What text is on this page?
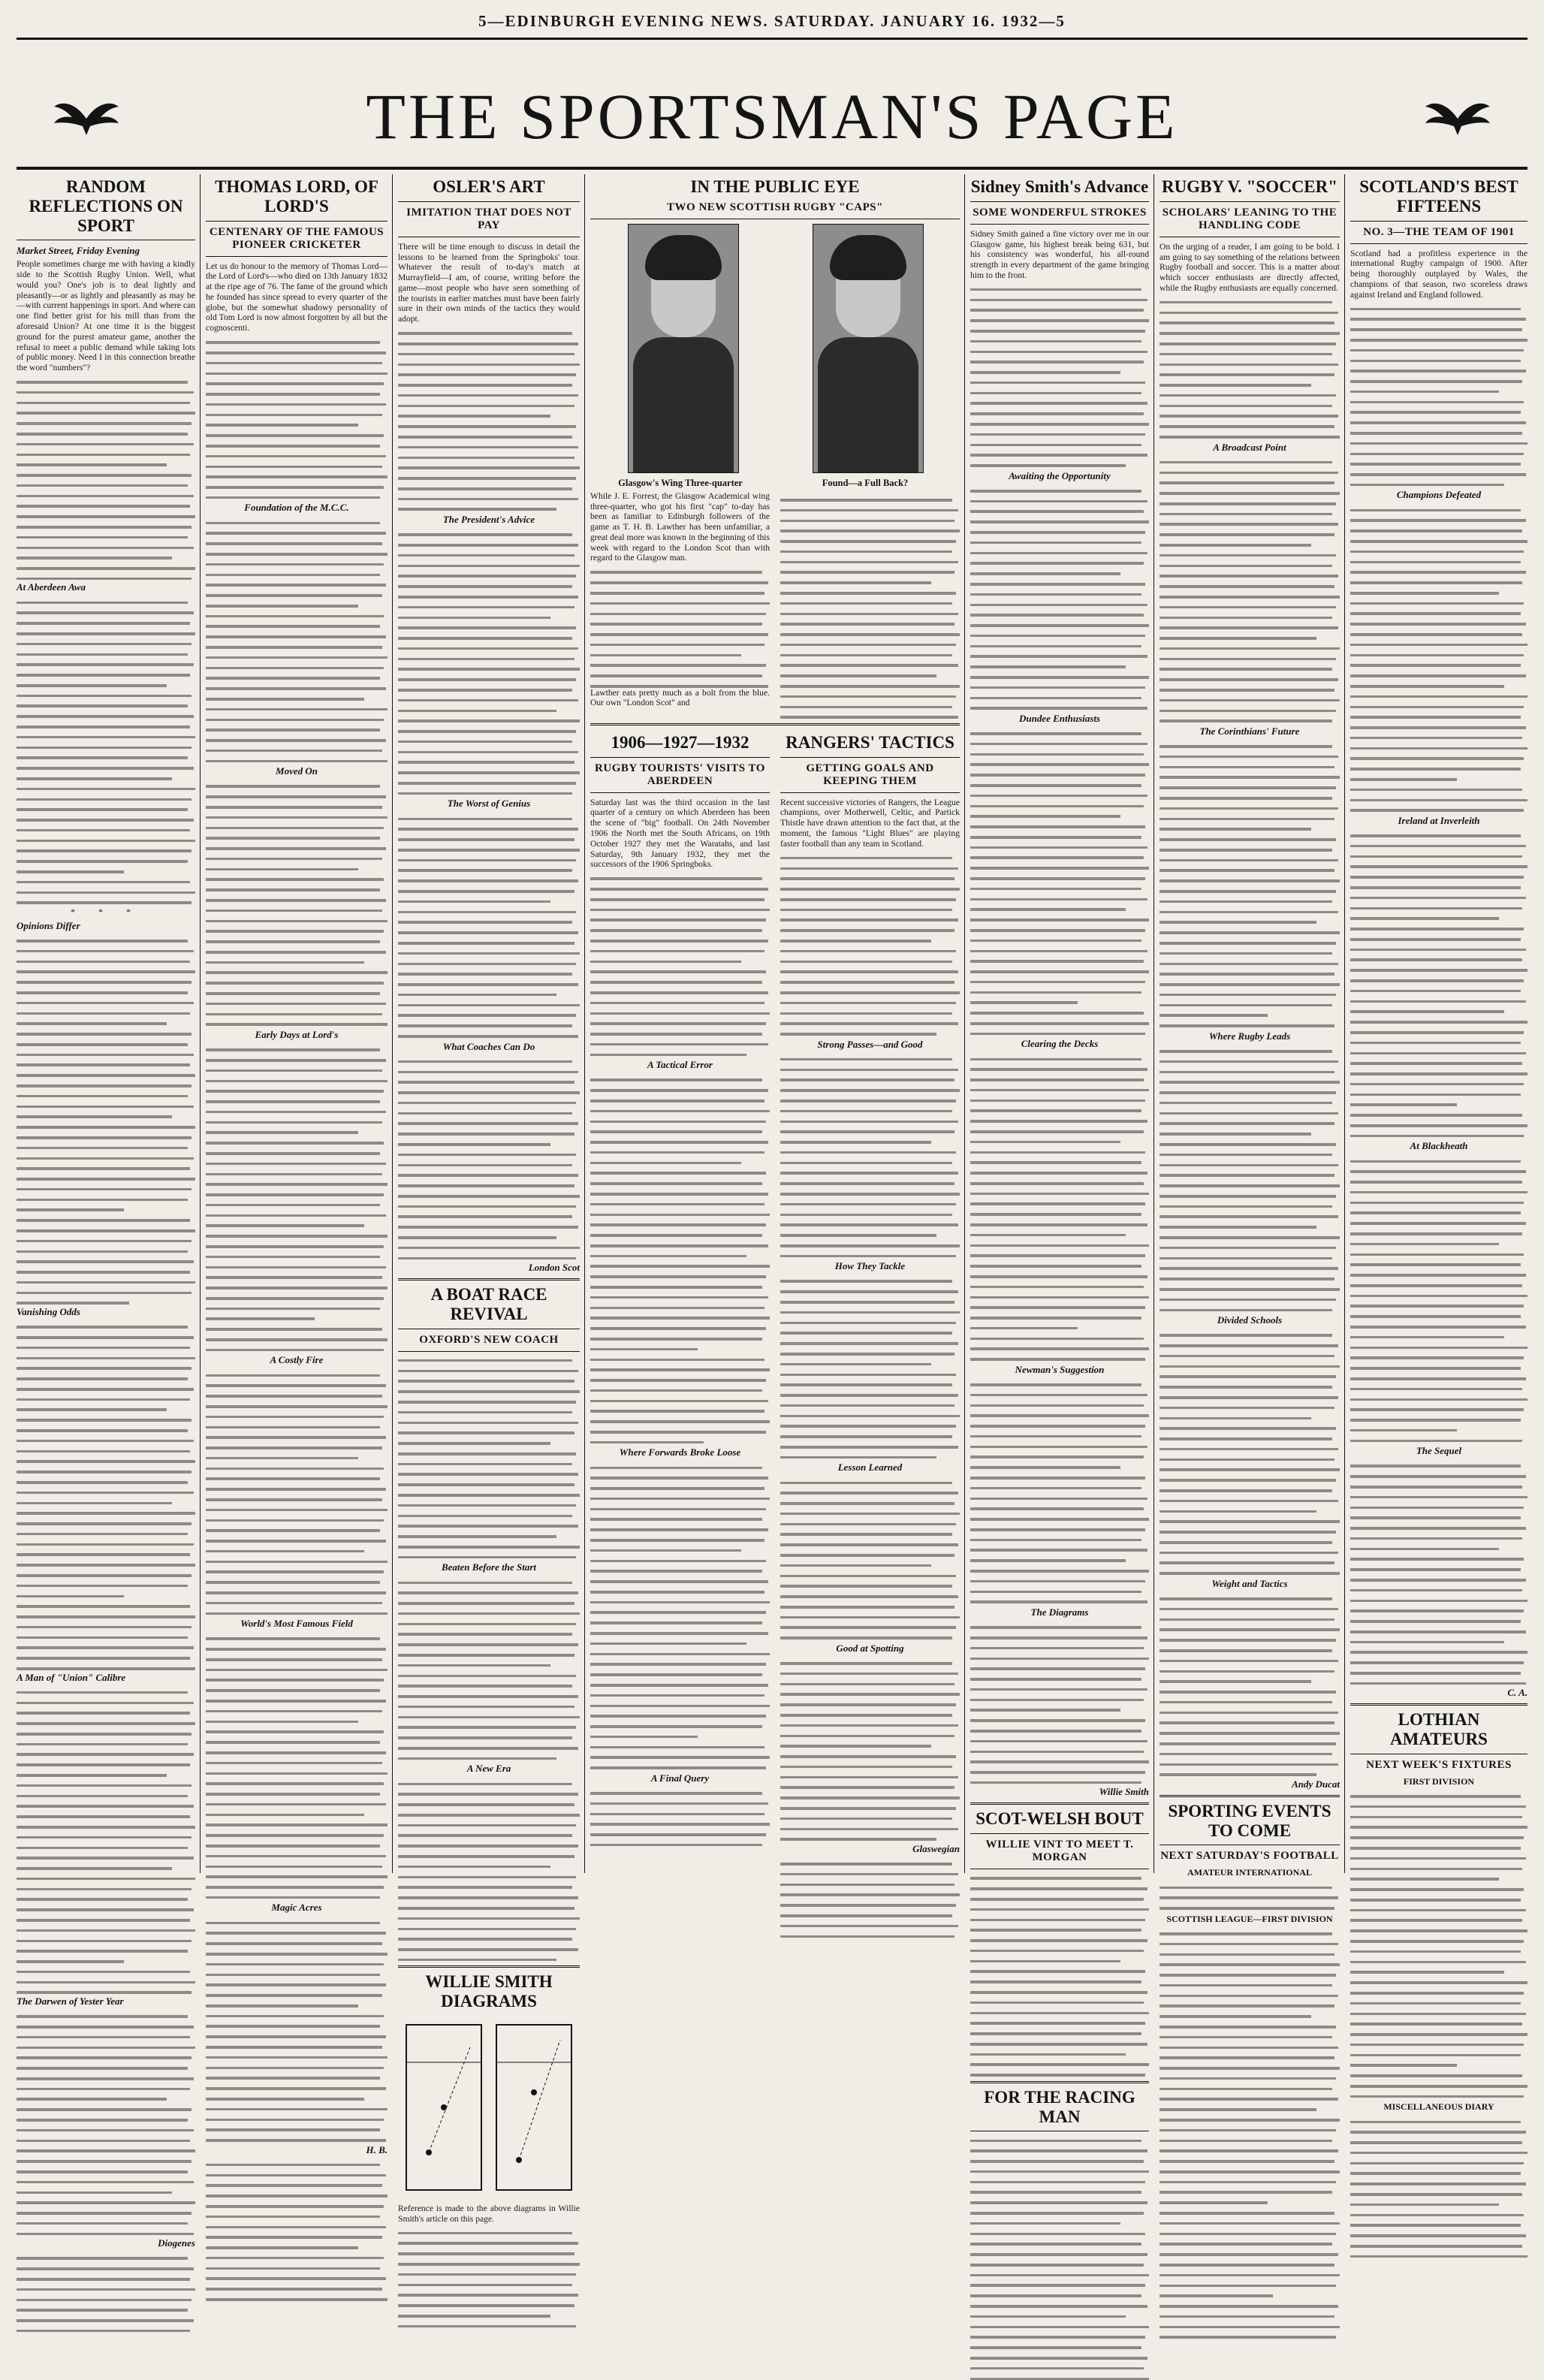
5—EDINBURGH EVENING NEWS. SATURDAY. JANUARY 16. 1932—5
THE SPORTSMAN'S PAGE
RANDOM REFLECTIONS ON SPORT
Market Street, Friday Evening

People sometimes charge me with having a kindly side to the Scottish Rugby Union. Well, what would you? One's job is to deal lightly and pleasantly—or as lightly and pleasantly as may be—with current happenings in sport. And where can one find better grist for his mill than from the aforesaid Union? At one time it is the biggest ground for the purest amateur game, another the refusal to meet a public demand while taking lots of public money. Need I in this connection breathe the word "numbers"?

At Aberdeen Awa
* * *
Opinions Differ
Vanishing Odds
A Man of "Union" Calibre
The Darwen of Yester Year
Diogenes
THOMAS LORD, OF LORD'S
CENTENARY OF THE FAMOUS PIONEER CRICKETER

Let us do honour to the memory of Thomas Lord—the Lord of Lord's—who died on 13th January 1832 at the ripe age of 76. The fame of the ground which he founded has since spread to every quarter of the globe, but the somewhat shadowy personality of old Tom Lord is now almost forgotten by all but the cognoscenti.

Foundation of the M.C.C.
Moved On
Early Days at Lord's
A Costly Fire
World's Most Famous Field
Magic Acres
H. B.
OSLER'S ART
IMITATION THAT DOES NOT PAY

There will be time enough to discuss in detail the lessons to be learned from the Springboks' tour. Whatever the result of to-day's match at Murrayfield—I am, of course, writing before the game—most people who have seen something of the tourists in earlier matches must have been fairly sure in their own minds of the tactics they would adopt.

The President's Advice
The Worst of Genius
What Coaches Can Do
London Scot
A BOAT RACE REVIVAL
OXFORD'S NEW COACH
Beaten Before the Start
A New Era
WILLIE SMITH DIAGRAMS

Reference is made to the above diagrams in Willie Smith's article on this page.

IN THE PUBLIC EYE
TWO NEW SCOTTISH RUGBY "CAPS"
Glasgow's Wing Three-quarter	Found—a Full Back?

While J. E. Forrest, the Glasgow Academical wing three-quarter, who got his first "cap" to-day has been as familiar to Edinburgh followers of the game as T. H. B. Lawther has been unfamiliar, a great deal more was known in the beginning of this week with regard to the London Scot than with regard to the Glasgow man.

Lawther eats pretty much as a bolt from the blue. Our own "London Scot" and

1906—1927—1932
RUGBY TOURISTS' VISITS TO ABERDEEN

Saturday last was the third occasion in the last quarter of a century on which Aberdeen has been the scene of "big" football. On 24th November 1906 the North met the South Africans, on 19th October 1927 they met the Waratahs, and last Saturday, 9th January 1932, they met the successors of the 1906 Springboks.

A Tactical Error
Where Forwards Broke Loose
A Final Query
RANGERS' TACTICS
GETTING GOALS AND KEEPING THEM

Recent successive victories of Rangers, the League champions, over Motherwell, Celtic, and Partick Thistle have drawn attention to the fact that, at the moment, the famous "Light Blues" are playing faster football than any team in Scotland.

Strong Passes—and Good
How They Tackle
Lesson Learned
Good at Spotting
Glaswegian
Sidney Smith's Advance
SOME WONDERFUL STROKES

Sidney Smith gained a fine victory over me in our Glasgow game, his highest break being 631, but his consistency was wonderful, his all-round strength in every department of the game bringing him to the front.

Awaiting the Opportunity
Dundee Enthusiasts
Clearing the Decks
Newman's Suggestion
The Diagrams
Willie Smith
SCOT-WELSH BOUT
WILLIE VINT TO MEET T. MORGAN
FOR THE RACING MAN
RUGBY V. "SOCCER"
SCHOLARS' LEANING TO THE HANDLING CODE

On the urging of a reader, I am going to be bold. I am going to say something of the relations between Rugby football and soccer. This is a matter about which soccer enthusiasts are directly affected, while the Rugby enthusiasts are equally concerned.

A Broadcast Point
The Corinthians' Future
Where Rugby Leads
Divided Schools
Weight and Tactics
Andy Ducat
SPORTING EVENTS TO COME
NEXT SATURDAY'S FOOTBALL
AMATEUR INTERNATIONAL
SCOTTISH LEAGUE—FIRST DIVISION
SCOTLAND'S BEST FIFTEENS
NO. 3—THE TEAM OF 1901

Scotland had a profitless experience in the international Rugby campaign of 1900. After being thoroughly outplayed by Wales, the champions of that season, two scoreless draws against Ireland and England followed.

Champions Defeated
Ireland at Inverleith
At Blackheath
The Sequel
C. A.
LOTHIAN AMATEURS
NEXT WEEK'S FIXTURES
FIRST DIVISION
MISCELLANEOUS DIARY
